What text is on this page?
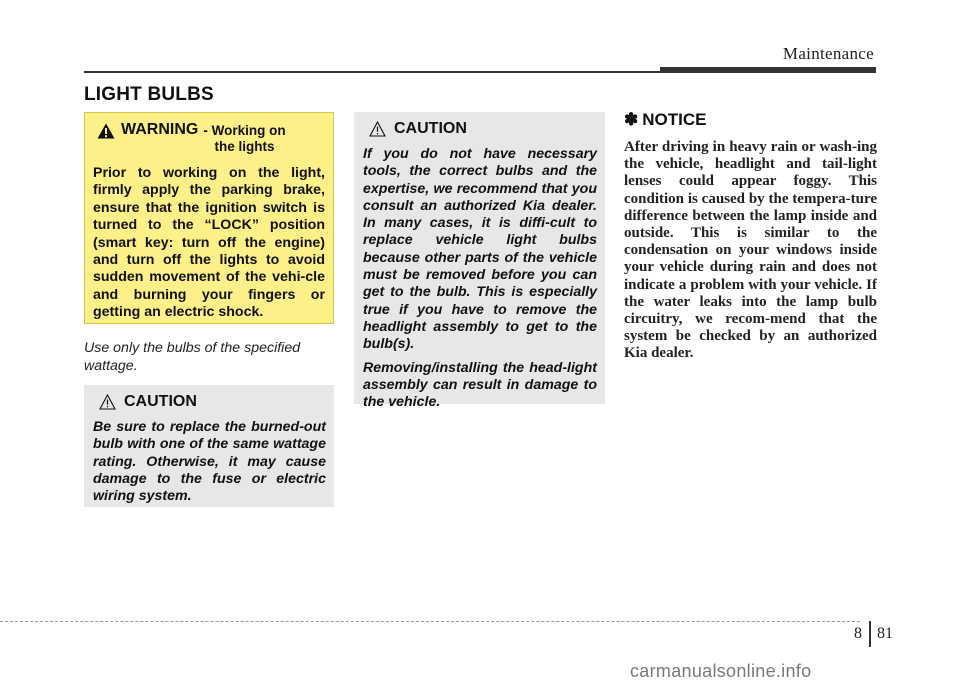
Maintenance
LIGHT BULBS
WARNING - Working on
the lights
Prior to working on the light, firmly apply the parking brake, ensure that the ignition switch is turned to the “LOCK” position (smart key: turn off the engine) and turn off the lights to avoid sudden movement of the vehi-cle and burning your fingers or getting an electric shock.
Use only the bulbs of the specified wattage.
CAUTION

Be sure to replace the burned-out bulb with one of the same wattage rating. Otherwise, it may cause damage to the fuse or electric wiring system.

CAUTION

If you do not have necessary tools, the correct bulbs and the expertise, we recommend that you consult an authorized Kia dealer. In many cases, it is diffi-cult to replace vehicle light bulbs because other parts of the vehicle must be removed before you can get to the bulb. This is especially true if you have to remove the headlight assembly to get to the bulb(s).

Removing/installing the head-light assembly can result in damage to the vehicle.

✽ NOTICE
After driving in heavy rain or wash-ing the vehicle, headlight and tail-light lenses could appear foggy. This condition is caused by the tempera-ture difference between the lamp inside and outside. This is similar to the condensation on your windows inside your vehicle during rain and does not indicate a problem with your vehicle. If the water leaks into the lamp bulb circuitry, we recom-mend that the system be checked by an authorized Kia dealer.
8 81
carmanualsonline.info
